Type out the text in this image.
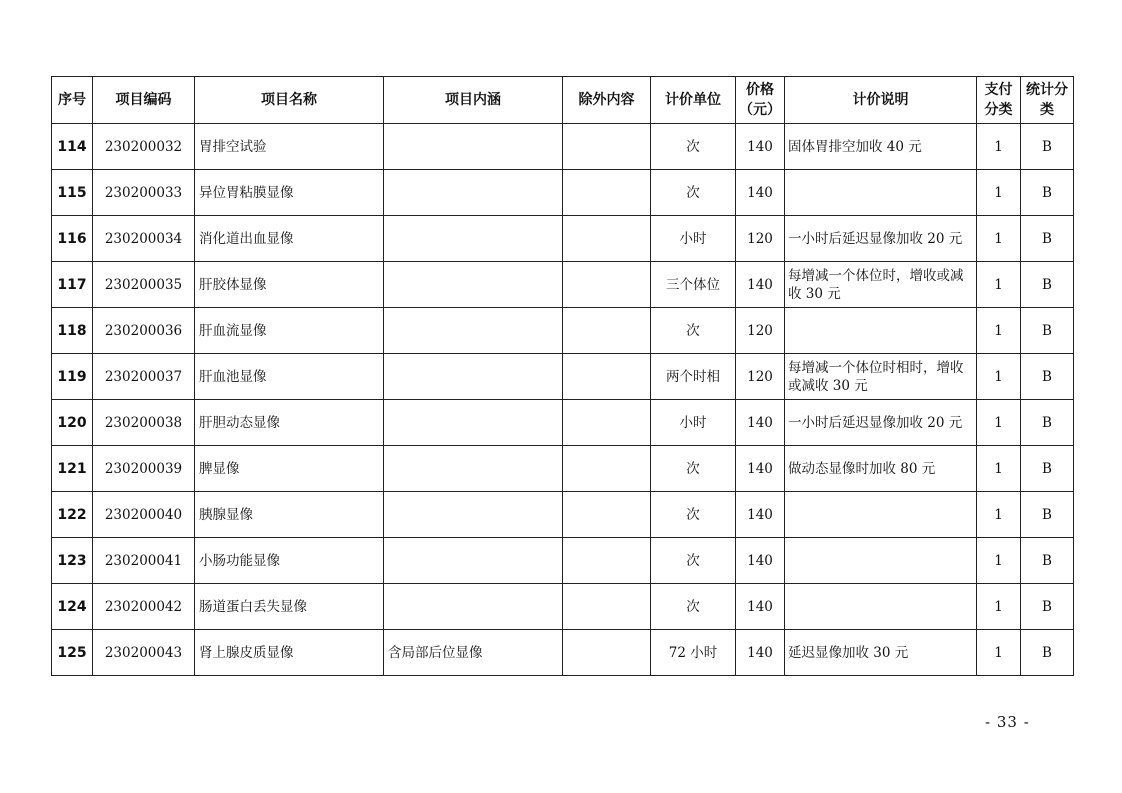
序号	项目编码	项目名称	项目内涵	除外内容	计价单位	价格（元）	计价说明	支付分类	统计分类
114	230200032	胃排空试验			次	140	固体胃排空加收 40 元	1	B
115	230200033	异位胃粘膜显像			次	140		1	B
116	230200034	消化道出血显像			小时	120	一小时后延迟显像加收 20 元	1	B
117	230200035	肝胶体显像			三个体位	140	每增减一个体位时，增收或减收 30 元	1	B
118	230200036	肝血流显像			次	120		1	B
119	230200037	肝血池显像			两个时相	120	每增减一个体位时相时，增收或减收 30 元	1	B
120	230200038	肝胆动态显像			小时	140	一小时后延迟显像加收 20 元	1	B
121	230200039	脾显像			次	140	做动态显像时加收 80 元	1	B
122	230200040	胰腺显像			次	140		1	B
123	230200041	小肠功能显像			次	140		1	B
124	230200042	肠道蛋白丢失显像			次	140		1	B
125	230200043	肾上腺皮质显像	含局部后位显像		72 小时	140	延迟显像加收 30 元	1	B
- 33 -
